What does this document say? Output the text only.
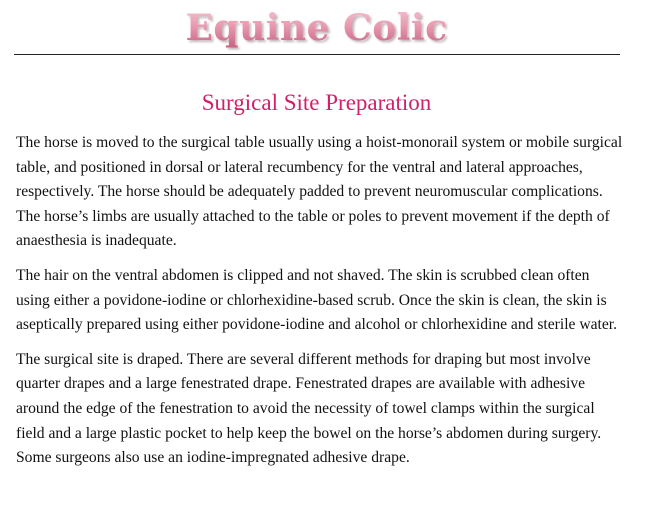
Equine Colic
Surgical Site Preparation

The horse is moved to the surgical table usually using a hoist-monorail system or mobile surgical table, and positioned in dorsal or lateral recumbency for the ventral and lateral approaches, respectively. The horse should be adequately padded to prevent neuromuscular complications. The horse’s limbs are usually attached to the table or poles to prevent movement if the depth of anaesthesia is inadequate.

The hair on the ventral abdomen is clipped and not shaved. The skin is scrubbed clean often using either a povidone-iodine or chlorhexidine-based scrub. Once the skin is clean, the skin is aseptically prepared using either povidone-iodine and alcohol or chlorhexidine and sterile water.

The surgical site is draped. There are several different methods for draping but most involve quarter drapes and a large fenestrated drape. Fenestrated drapes are available with adhesive around the edge of the fenestration to avoid the necessity of towel clamps within the surgical field and a large plastic pocket to help keep the bowel on the horse’s abdomen during surgery. Some surgeons also use an iodine-impregnated adhesive drape.
